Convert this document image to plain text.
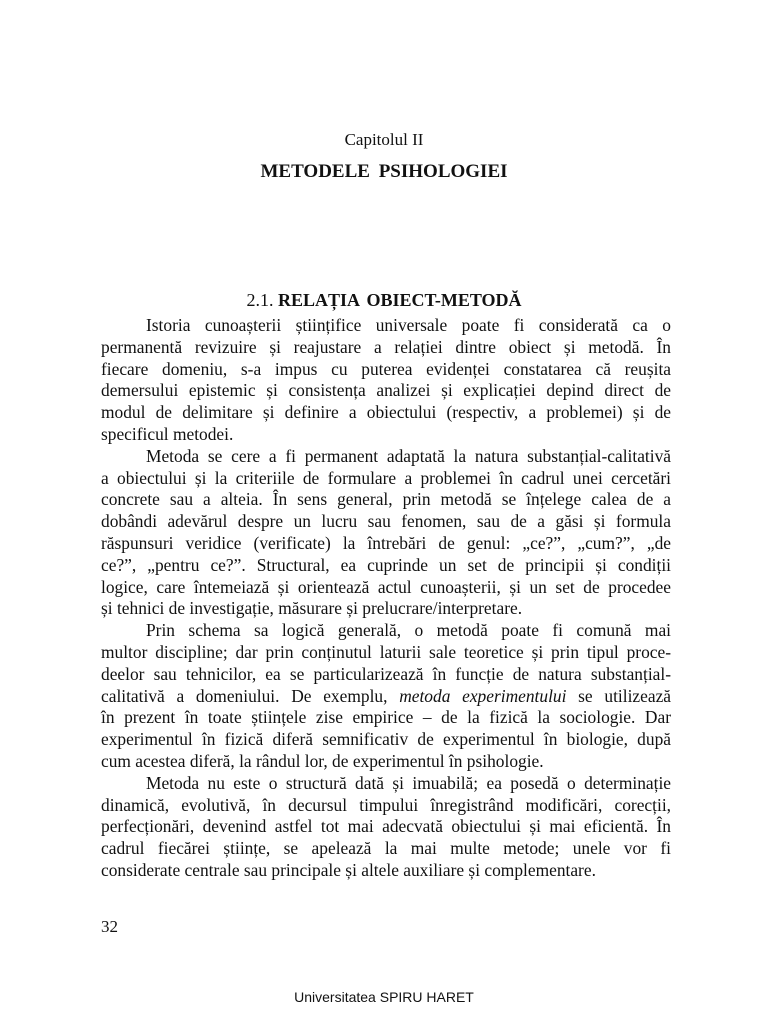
Capitolul II
METODELE PSIHOLOGIEI
2.1. RELAȚIA OBIECT-METODĂ
Istoria cunoașterii științifice universale poate fi considerată ca o
permanentă revizuire și reajustare a relației dintre obiect și metodă. În
fiecare domeniu, s-a impus cu puterea evidenței constatarea că reușita
demersului epistemic și consistența analizei și explicației depind direct de
modul de delimitare și definire a obiectului (respectiv, a problemei) și de
specificul metodei.
Metoda se cere a fi permanent adaptată la natura substanțial-calitativă
a obiectului și la criteriile de formulare a problemei în cadrul unei cercetări
concrete sau a alteia. În sens general, prin metodă se înțelege calea de a
dobândi adevărul despre un lucru sau fenomen, sau de a găsi și formula
răspunsuri veridice (verificate) la întrebări de genul: „ce?”, „cum?”, „de
ce?”, „pentru ce?”. Structural, ea cuprinde un set de principii și condiții
logice, care întemeiază și orientează actul cunoașterii, și un set de procedee
și tehnici de investigație, măsurare și prelucrare/interpretare.
Prin schema sa logică generală, o metodă poate fi comună mai
multor discipline; dar prin conținutul laturii sale teoretice și prin tipul proce-
deelor sau tehnicilor, ea se particularizează în funcție de natura substanțial-
calitativă a domeniului. De exemplu, metoda experimentului se utilizează
în prezent în toate științele zise empirice – de la fizică la sociologie. Dar
experimentul în fizică diferă semnificativ de experimentul în biologie, după
cum acestea diferă, la rândul lor, de experimentul în psihologie.
Metoda nu este o structură dată și imuabilă; ea posedă o determinație
dinamică, evolutivă, în decursul timpului înregistrând modificări, corecții,
perfecționări, devenind astfel tot mai adecvată obiectului și mai eficientă. În
cadrul fiecărei științe, se apelează la mai multe metode; unele vor fi
considerate centrale sau principale și altele auxiliare și complementare.
32
Universitatea SPIRU HARET
